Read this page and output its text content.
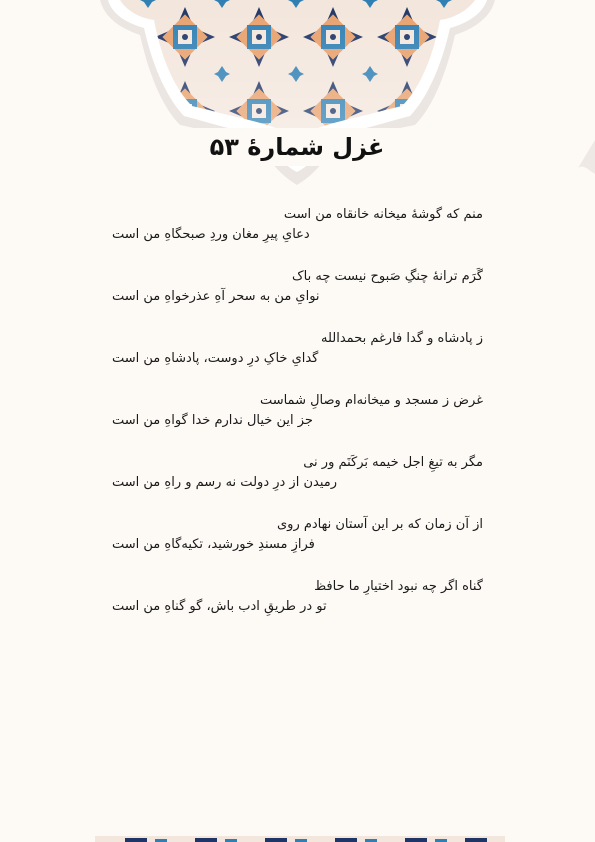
غزل شمارهٔ ۵۳
منم که گوشهٔ میخانه خانقاه من است
دعایِ پیرِ مغان وردِ صبحگاهِ من است
گَرَم ترانهٔ چنگِ صَبوح نیست چه باک
نوایِ من به سحر آهِ عذرخواهِ من است
ز پادشاه و گدا فارغم بحمدالله
گدایِ خاکِ درِ دوست، پادشاهِ من است
غرض ز مسجد و میخانه‌ام وصالِ شماست
جز این خیال ندارم خدا گواهِ من است
مگر به تیغِ اجل خیمه بَرکَنَم ور نی
رمیدن از درِ دولت نه رسم و راهِ من است
از آن زمان که بر این آستان نهادم روی
فرازِ مسندِ خورشید، تکیه‌گاهِ من است
گناه اگر چه نبود اختیارِ ما حافظ
تو در طریقِ ادب باش، گو گناهِ من است
